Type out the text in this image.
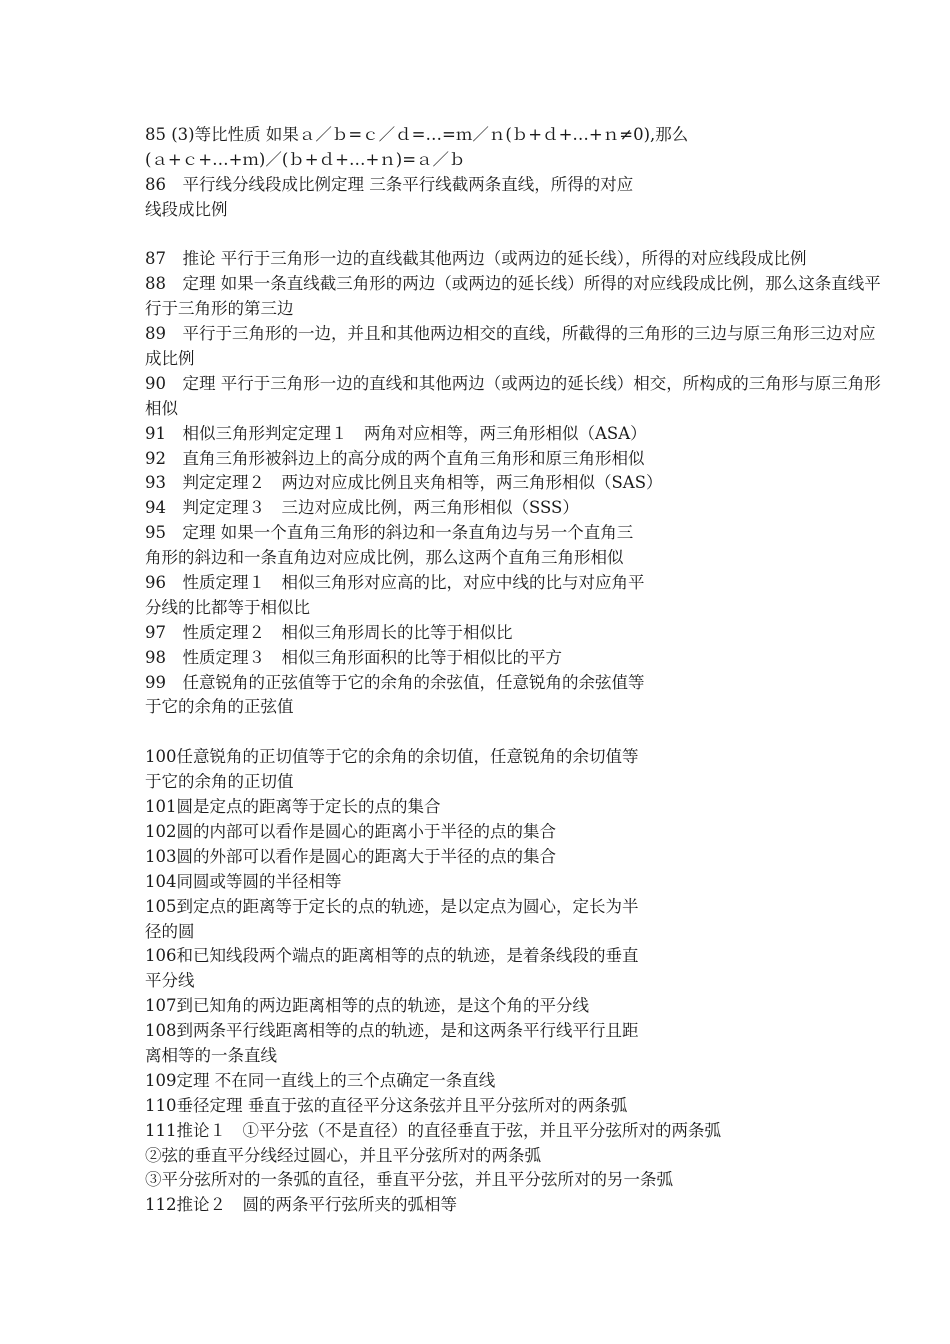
85 (3)等比性质 如果ａ／ｂ=ｃ／ｄ=…=ｍ／ｎ(ｂ+ｄ+…+ｎ≠0),那么
(ａ+ｃ+…+ｍ)／(ｂ+ｄ+…+ｎ)=ａ／ｂ
86　平行线分线段成比例定理 三条平行线截两条直线，所得的对应
线段成比例
87　推论 平行于三角形一边的直线截其他两边（或两边的延长线），所得的对应线段成比例
88　定理 如果一条直线截三角形的两边（或两边的延长线）所得的对应线段成比例，那么这条直线平
行于三角形的第三边
89　平行于三角形的一边，并且和其他两边相交的直线，所截得的三角形的三边与原三角形三边对应
成比例
90　定理 平行于三角形一边的直线和其他两边（或两边的延长线）相交，所构成的三角形与原三角形
相似
91　相似三角形判定定理１　两角对应相等，两三角形相似（ASA）
92　直角三角形被斜边上的高分成的两个直角三角形和原三角形相似
93　判定定理２　两边对应成比例且夹角相等，两三角形相似（SAS）
94　判定定理３　三边对应成比例，两三角形相似（SSS）
95　定理 如果一个直角三角形的斜边和一条直角边与另一个直角三
角形的斜边和一条直角边对应成比例，那么这两个直角三角形相似
96　性质定理１　相似三角形对应高的比，对应中线的比与对应角平
分线的比都等于相似比
97　性质定理２　相似三角形周长的比等于相似比
98　性质定理３　相似三角形面积的比等于相似比的平方
99　任意锐角的正弦值等于它的余角的余弦值，任意锐角的余弦值等
于它的余角的正弦值
100任意锐角的正切值等于它的余角的余切值，任意锐角的余切值等
于它的余角的正切值
101圆是定点的距离等于定长的点的集合
102圆的内部可以看作是圆心的距离小于半径的点的集合
103圆的外部可以看作是圆心的距离大于半径的点的集合
104同圆或等圆的半径相等
105到定点的距离等于定长的点的轨迹，是以定点为圆心，定长为半
径的圆
106和已知线段两个端点的距离相等的点的轨迹，是着条线段的垂直
平分线
107到已知角的两边距离相等的点的轨迹，是这个角的平分线
108到两条平行线距离相等的点的轨迹，是和这两条平行线平行且距
离相等的一条直线
109定理 不在同一直线上的三个点确定一条直线
110垂径定理 垂直于弦的直径平分这条弦并且平分弦所对的两条弧
111推论１　①平分弦（不是直径）的直径垂直于弦，并且平分弦所对的两条弧
②弦的垂直平分线经过圆心，并且平分弦所对的两条弧
③平分弦所对的一条弧的直径，垂直平分弦，并且平分弦所对的另一条弧
112推论２　圆的两条平行弦所夹的弧相等
